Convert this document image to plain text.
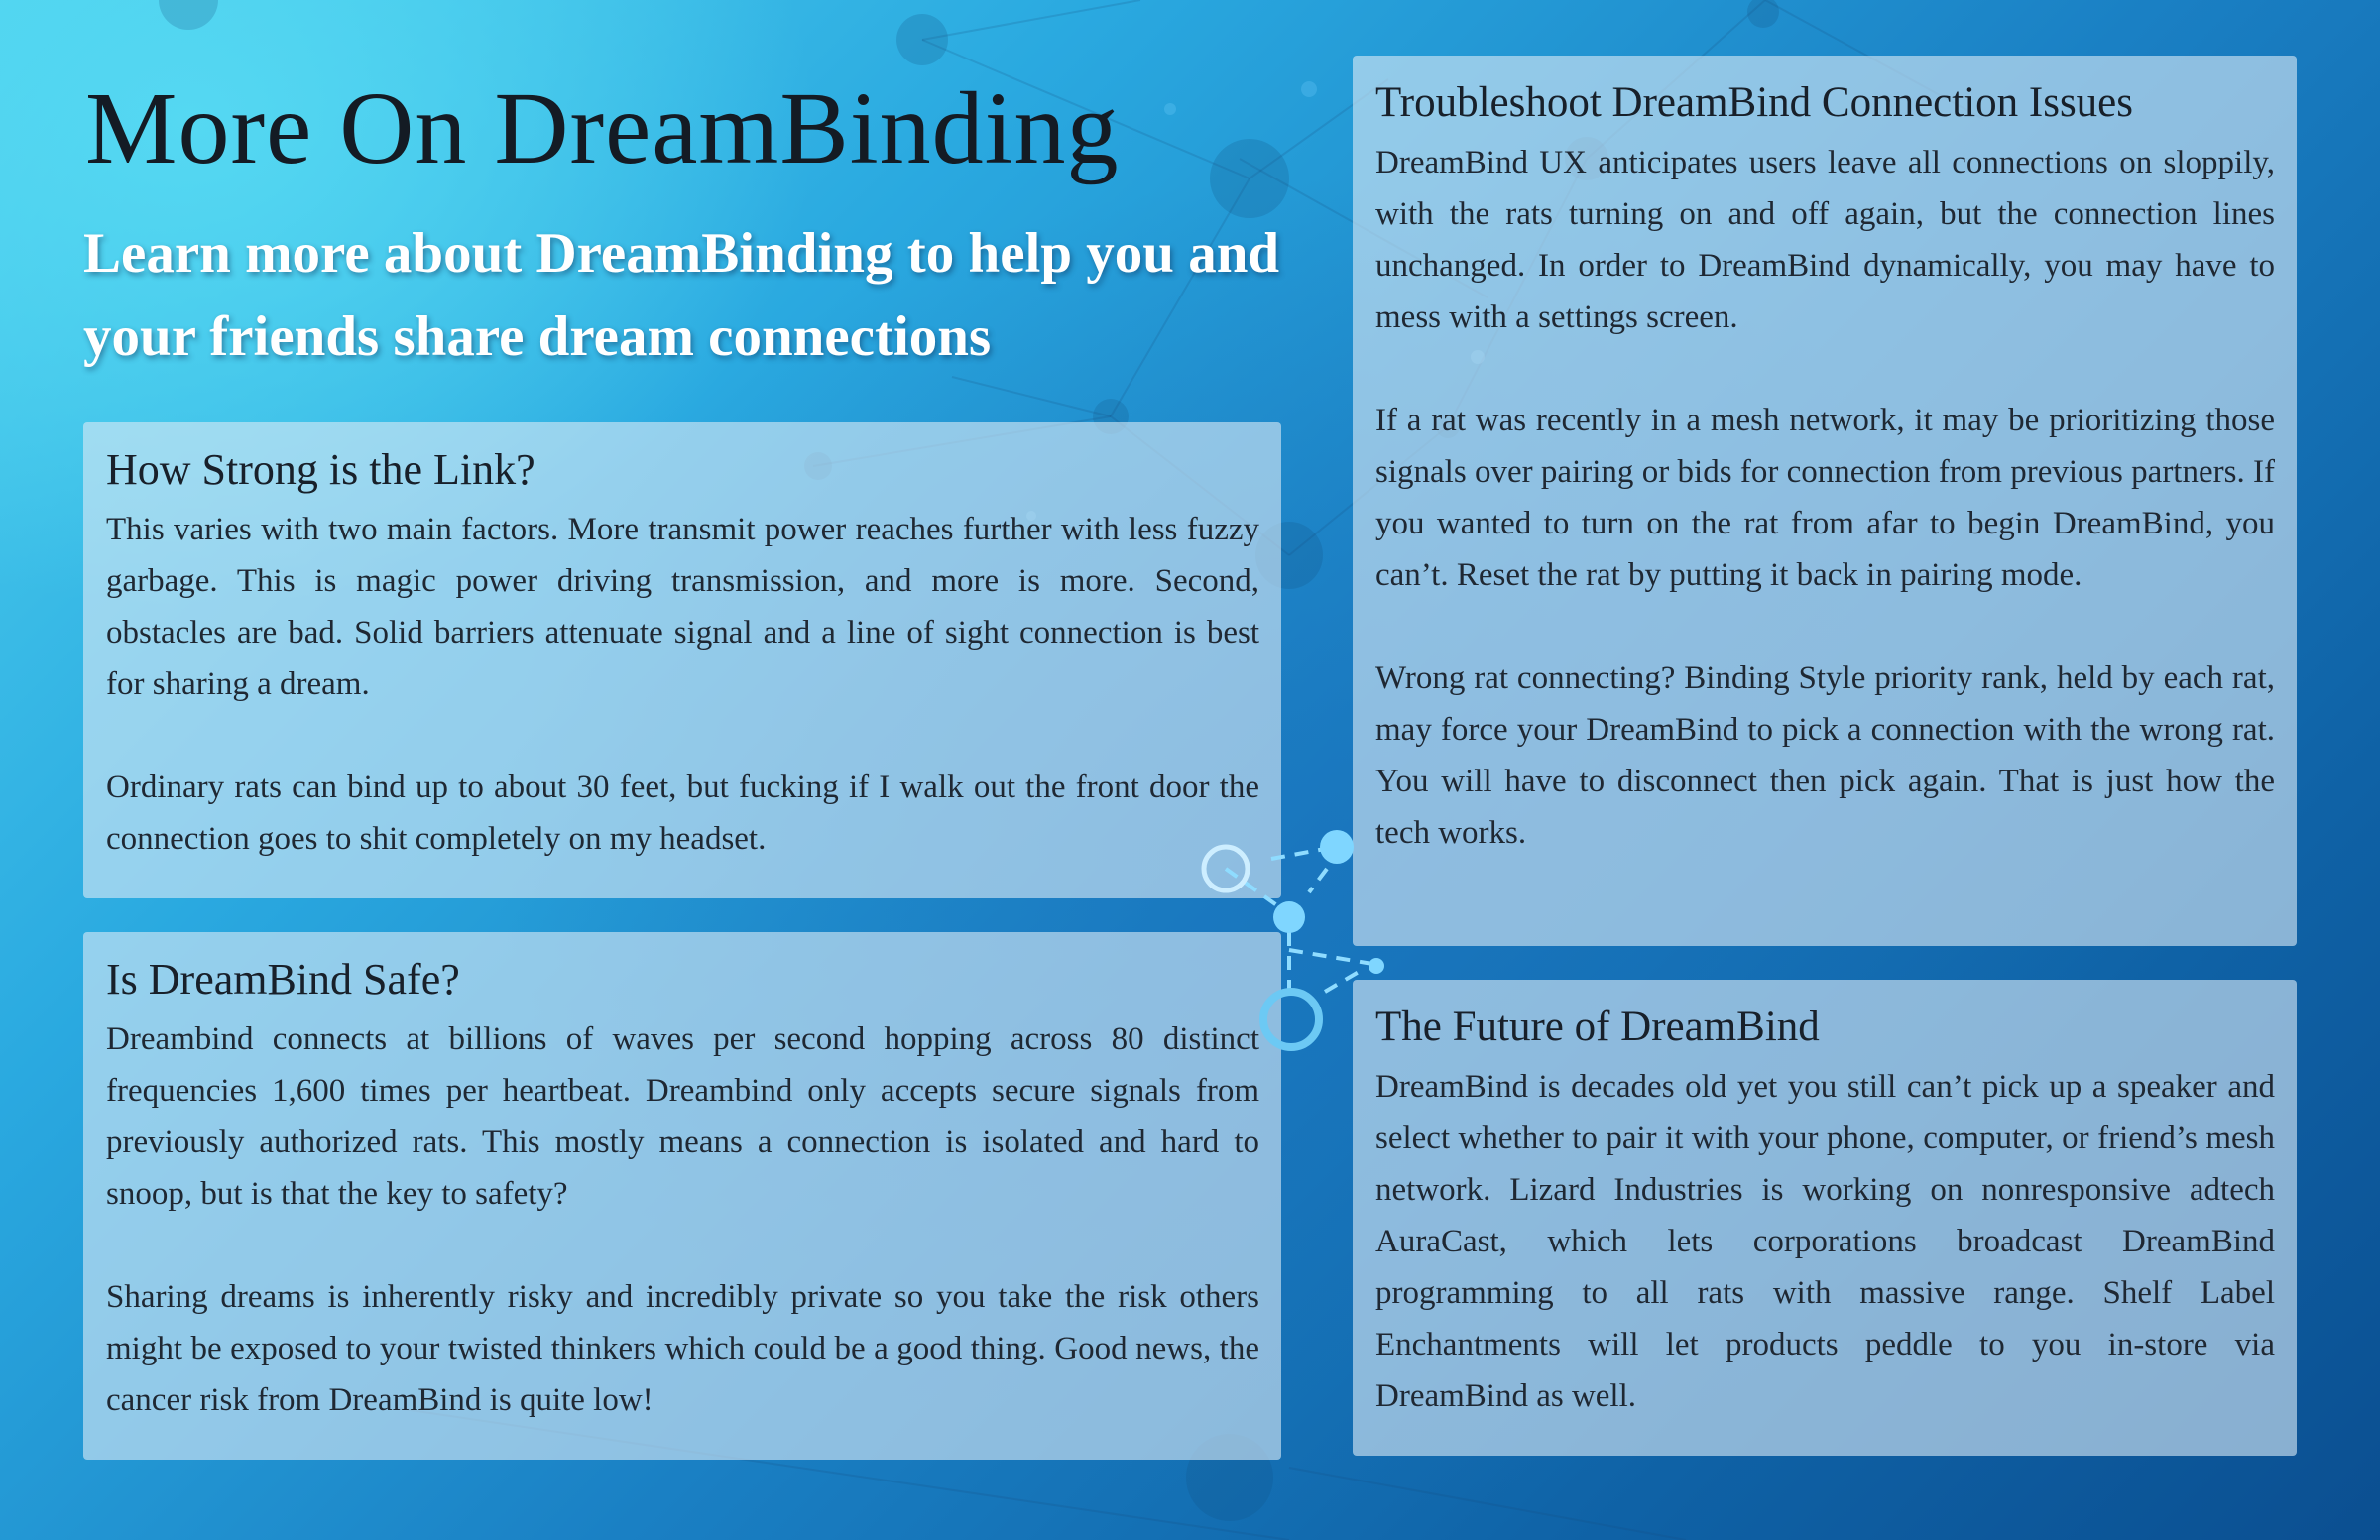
More On DreamBinding
Learn more about DreamBinding to help you and your friends share dream connections
How Strong is the Link?

This varies with two main factors. More transmit power reaches further with less fuzzy garbage. This is magic power driving transmission, and more is more. Second, obstacles are bad. Solid barriers attenuate signal and a line of sight connection is best for sharing a dream.

Ordinary rats can bind up to about 30 feet, but fucking if I walk out the front door the connection goes to shit completely on my headset.

Is DreamBind Safe?

Dreambind connects at billions of waves per second hopping across 80 distinct frequencies 1,600 times per heartbeat. Dreambind only accepts secure signals from previously authorized rats. This mostly means a connection is isolated and hard to snoop, but is that the key to safety?

Sharing dreams is inherently risky and incredibly private so you take the risk others might be exposed to your twisted thinkers which could be a good thing. Good news, the cancer risk from DreamBind is quite low!

Troubleshoot DreamBind Connection Issues

DreamBind UX anticipates users leave all connections on sloppily, with the rats turning on and off again, but the connection lines unchanged. In order to DreamBind dynamically, you may have to mess with a settings screen.

If a rat was recently in a mesh network, it may be prioritizing those signals over pairing or bids for connection from previous partners. If you wanted to turn on the rat from afar to begin DreamBind, you can’t. Reset the rat by putting it back in pairing mode.

Wrong rat connecting? Binding Style priority rank, held by each rat, may force your DreamBind to pick a connection with the wrong rat. You will have to disconnect then pick again. That is just how the tech works.

The Future of DreamBind

DreamBind is decades old yet you still can’t pick up a speaker and select whether to pair it with your phone, computer, or friend’s mesh network. Lizard Industries is working on nonresponsive adtech AuraCast, which lets corporations broadcast DreamBind programming to all rats with massive range. Shelf Label Enchantments will let products peddle to you in-store via DreamBind as well.
